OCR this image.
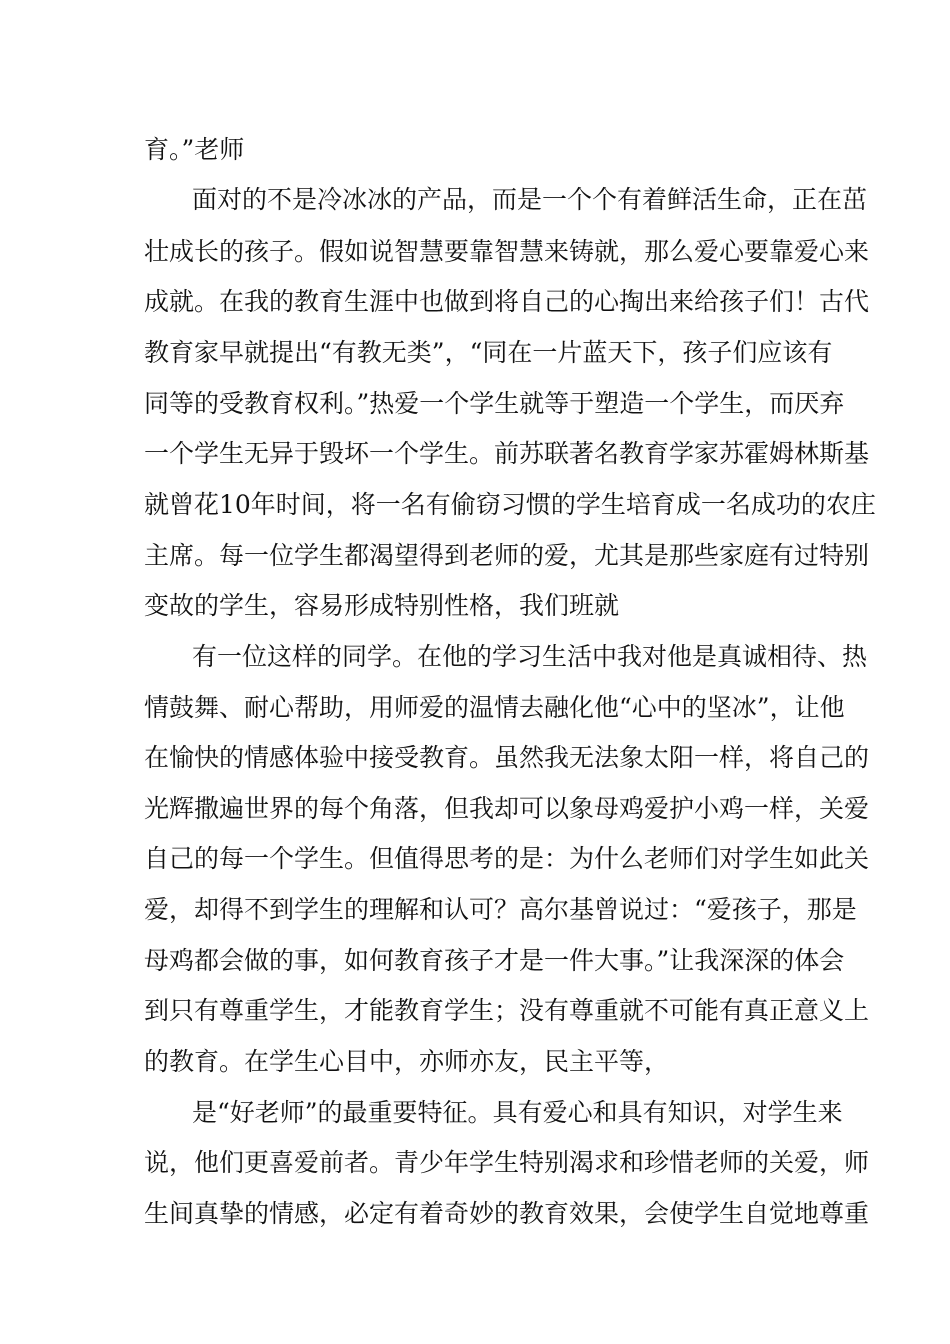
育。”老师
面对的不是冷冰冰的产品，而是一个个有着鲜活生命，正在茁
壮成长的孩子。假如说智慧要靠智慧来铸就，那么爱心要靠爱心来
成就。在我的教育生涯中也做到将自己的心掏出来给孩子们！古代
教育家早就提出“有教无类”，“同在一片蓝天下，孩子们应该有
同等的受教育权利。”热爱一个学生就等于塑造一个学生，而厌弃
一个学生无异于毁坏一个学生。前苏联著名教育学家苏霍姆林斯基
就曾花10年时间，将一名有偷窃习惯的学生培育成一名成功的农庄
主席。每一位学生都渴望得到老师的爱，尤其是那些家庭有过特别
变故的学生，容易形成特别性格，我们班就
有一位这样的同学。在他的学习生活中我对他是真诚相待、热
情鼓舞、耐心帮助，用师爱的温情去融化他“心中的坚冰”，让他
在愉快的情感体验中接受教育。虽然我无法象太阳一样，将自己的
光辉撒遍世界的每个角落，但我却可以象母鸡爱护小鸡一样，关爱
自己的每一个学生。但值得思考的是：为什么老师们对学生如此关
爱，却得不到学生的理解和认可？高尔基曾说过：“爱孩子，那是
母鸡都会做的事，如何教育孩子才是一件大事。”让我深深的体会
到只有尊重学生，才能教育学生；没有尊重就不可能有真正意义上
的教育。在学生心目中，亦师亦友，民主平等，
是“好老师”的最重要特征。具有爱心和具有知识，对学生来
说，他们更喜爱前者。青少年学生特别渴求和珍惜老师的关爱，师
生间真挚的情感，必定有着奇妙的教育效果，会使学生自觉地尊重
